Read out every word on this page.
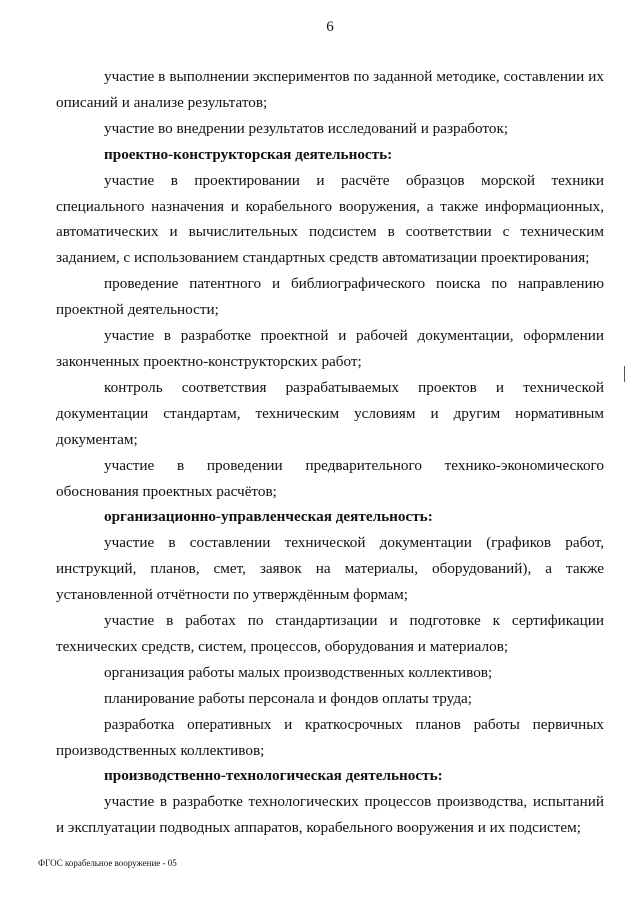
6

участие в выполнении экспериментов по заданной методике, составлении их описаний и анализе результатов;

участие во внедрении результатов исследований и разработок;

проектно-конструкторская деятельность:

участие в проектировании и расчёте образцов морской техники специального назначения и корабельного вооружения, а также информационных, автоматических и вычислительных подсистем в соответствии с техническим заданием, с использованием стандартных средств автоматизации проектирования;

проведение патентного и библиографического поиска по направлению проектной деятельности;

участие в разработке проектной и рабочей документации, оформлении законченных проектно-конструкторских работ;

контроль соответствия разрабатываемых проектов и технической документации стандартам, техническим условиям и другим нормативным документам;

участие в проведении предварительного технико-экономического обоснования проектных расчётов;

организационно-управленческая деятельность:

участие в составлении технической документации (графиков работ, инструкций, планов, смет, заявок на материалы, оборудований), а также установленной отчётности по утверждённым формам;

участие в работах по стандартизации и подготовке к сертификации технических средств, систем, процессов, оборудования и материалов;

организация работы малых производственных коллективов;

планирование работы персонала и фондов оплаты труда;

разработка оперативных и краткосрочных планов работы первичных производственных коллективов;

производственно-технологическая деятельность:

участие в разработке технологических процессов производства, испытаний и эксплуатации подводных аппаратов, корабельного вооружения и их подсистем;

ФГОС корабельное вооружение - 05
